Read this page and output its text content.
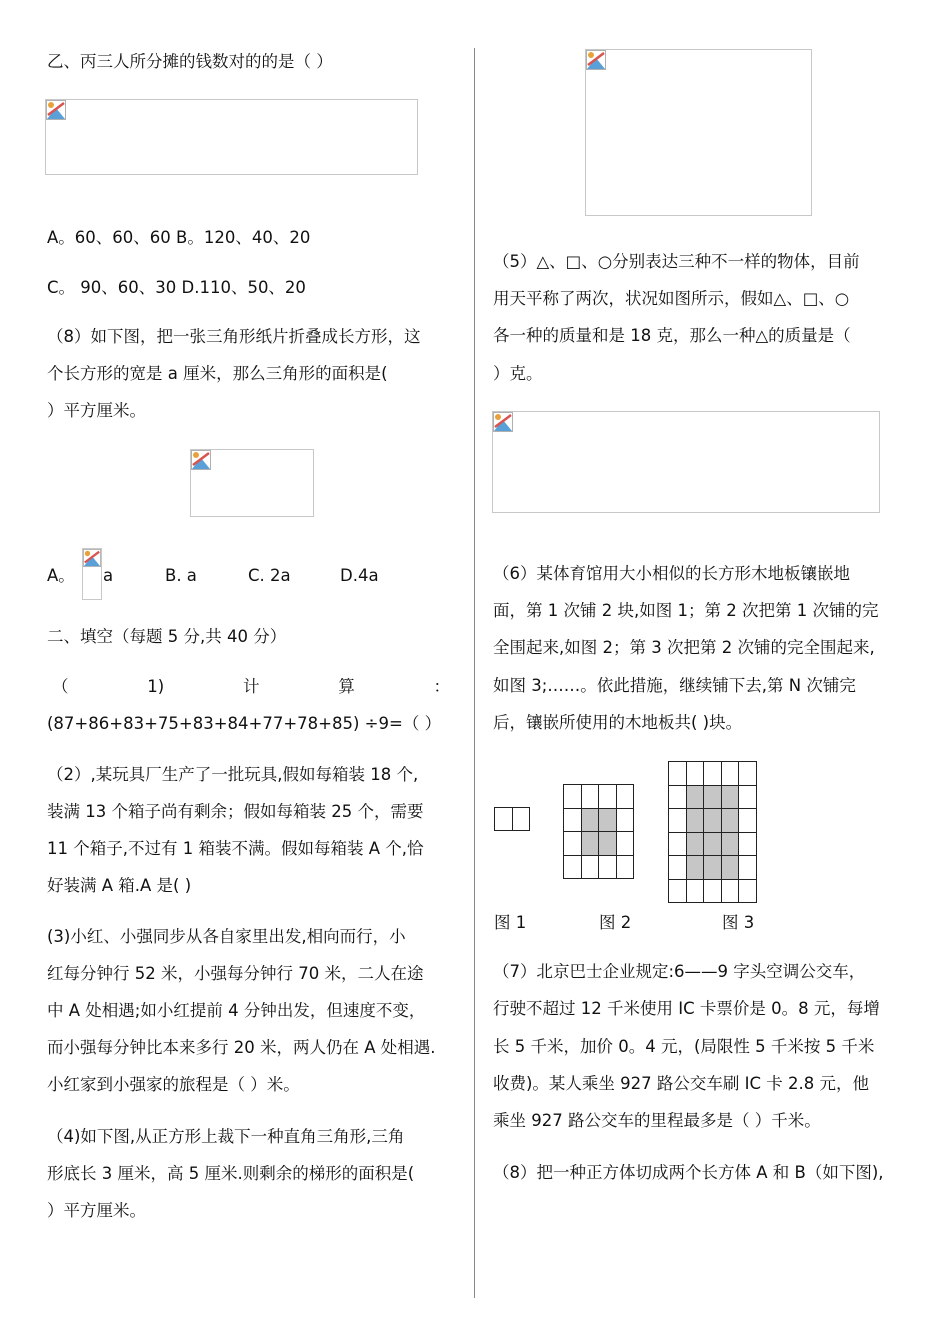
乙、丙三人所分摊的钱数对的的是（ ）
A。60、60、60 B。120、40、20
C。 90、60、30 D.110、50、20
（8）如下图，把一张三角形纸片折叠成长方形，这
个长方形的宽是 a 厘米，那么三角形的面积是(
）平方厘米。
A。 a	B. a	C. 2a	D.4a
二、填空（每题 5 分,共 40 分）
（	1)	计	算	：
(87+86+83+75+83+84+77+78+85) ÷9=（ ）
（2）,某玩具厂生产了一批玩具,假如每箱装 18 个,
装满 13 个箱子尚有剩余；假如每箱装 25 个，需要
11 个箱子,不过有 1 箱装不满。假如每箱装 A 个,恰
好装满 A 箱.A 是( )
(3)小红、小强同步从各自家里出发,相向而行，小
红每分钟行 52 米，小强每分钟行 70 米，二人在途
中 A 处相遇;如小红提前 4 分钟出发，但速度不变，
而小强每分钟比本来多行 20 米，两人仍在 A 处相遇.
小红家到小强家的旅程是（ ）米。
（4)如下图,从正方形上裁下一种直角三角形,三角
形底长 3 厘米，高 5 厘米.则剩余的梯形的面积是(
）平方厘米。
（5）△、□、○分别表达三种不一样的物体，目前
用天平称了两次，状况如图所示，假如△、□、○
各一种的质量和是 18 克，那么一种△的质量是（
）克。
（6）某体育馆用大小相似的长方形木地板镶嵌地
面，第 1 次铺 2 块,如图 1；第 2 次把第 1 次铺的完
全围起来,如图 2；第 3 次把第 2 次铺的完全围起来,
如图 3;……。依此措施，继续铺下去,第 N 次铺完
后，镶嵌所使用的木地板共( )块。
图 1	图 2	图 3
（7）北京巴士企业规定:6——9 字头空调公交车，
行驶不超过 12 千米使用 IC 卡票价是 0。8 元，每增
长 5 千米，加价 0。4 元，(局限性 5 千米按 5 千米
收费)。某人乘坐 927 路公交车刷 IC 卡 2.8 元，他
乘坐 927 路公交车的里程最多是（ ）千米。
（8）把一种正方体切成两个长方体 A 和 B（如下图),
